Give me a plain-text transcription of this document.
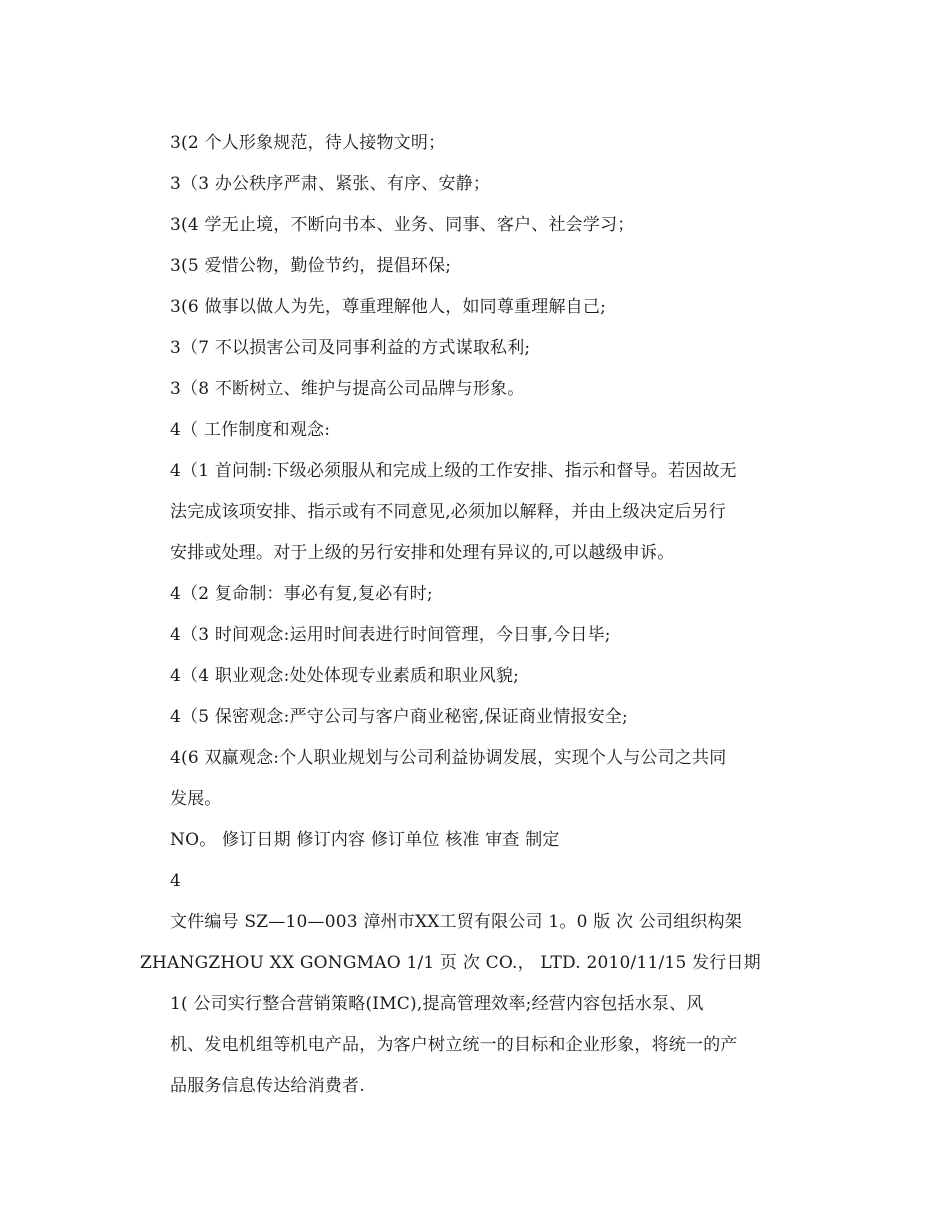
3(2 个人形象规范，待人接物文明；
3（3 办公秩序严肃、紧张、有序、安静；
3(4 学无止境，不断向书本、业务、同事、客户、社会学习；
3(5 爱惜公物，勤俭节约，提倡环保;
3(6 做事以做人为先，尊重理解他人，如同尊重理解自己;
3（7 不以损害公司及同事利益的方式谋取私利;
3（8 不断树立、维护与提高公司品牌与形象。
4（ 工作制度和观念:
4（1 首问制:下级必须服从和完成上级的工作安排、指示和督导。若因故无
法完成该项安排、指示或有不同意见,必须加以解释，并由上级决定后另行
安排或处理。对于上级的另行安排和处理有异议的,可以越级申诉。
4（2 复命制：事必有复,复必有时;
4（3 时间观念:运用时间表进行时间管理，今日事,今日毕;
4（4 职业观念:处处体现专业素质和职业风貌;
4（5 保密观念:严守公司与客户商业秘密,保证商业情报安全;
4(6 双赢观念:个人职业规划与公司利益协调发展，实现个人与公司之共同
发展。
NO。 修订日期 修订内容 修订单位 核准 审查 制定
4
文件编号 SZ—10—003 漳州市XX工贸有限公司 1。0 版 次 公司组织构架
ZHANGZHOU XX GONGMAO 1/1 页 次 CO.， LTD. 2010/11/15 发行日期
1( 公司实行整合营销策略(IMC),提高管理效率;经营内容包括水泵、风
机、发电机组等机电产品，为客户树立统一的目标和企业形象，将统一的产
品服务信息传达给消费者.
